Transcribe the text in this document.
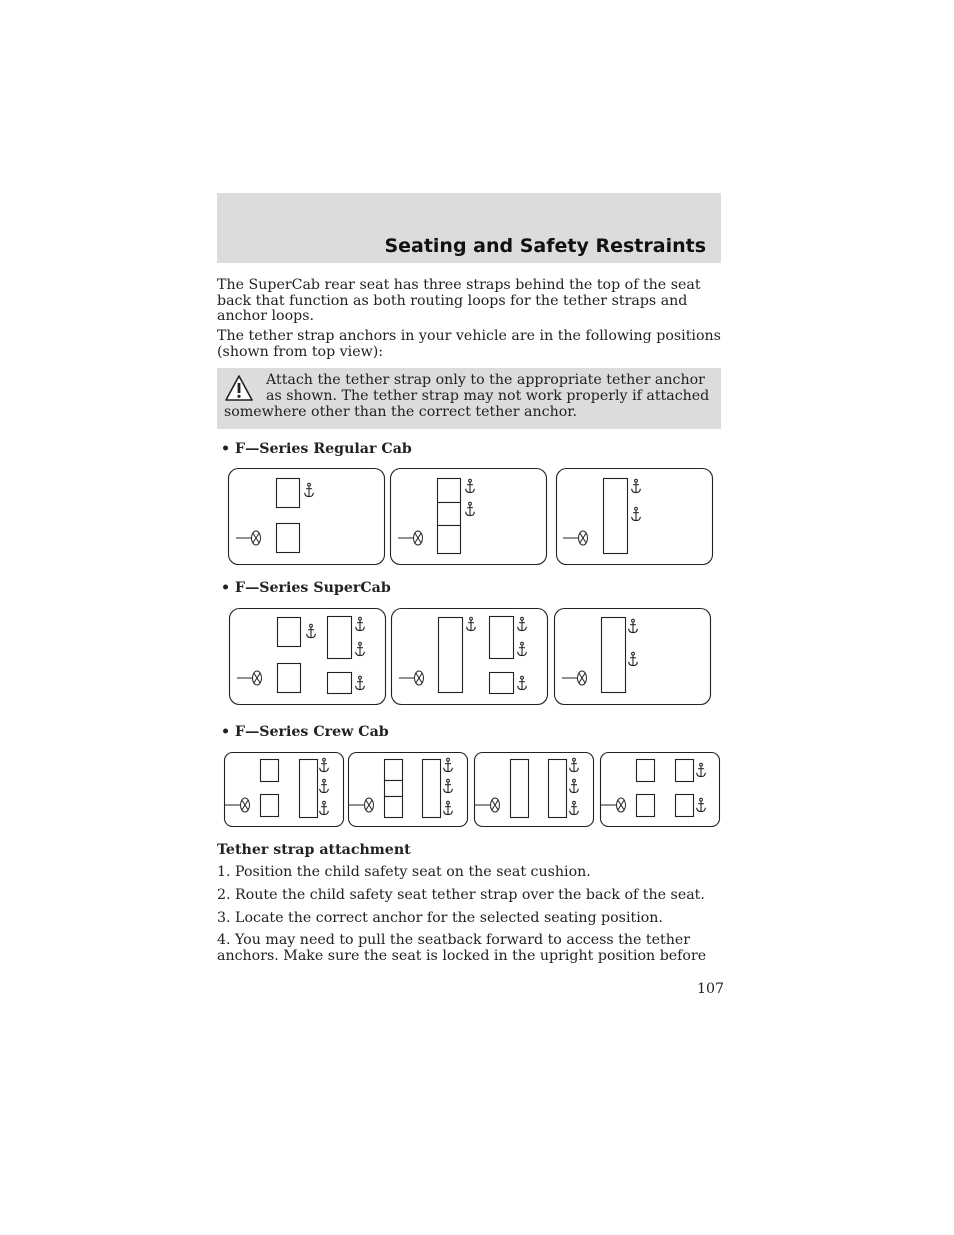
Seating and Safety Restraints
The SuperCab rear seat has three straps behind the top of the seat back that function as both routing loops for the tether straps and anchor loops.
The tether strap anchors in your vehicle are in the following positions (shown from top view):
Attach the tether strap only to the appropriate tether anchor as shown. The tether strap may not work properly if attached somewhere other than the correct tether anchor.
• F—Series Regular Cab
• F—Series SuperCab
• F—Series Crew Cab
Tether strap attachment
1. Position the child safety seat on the seat cushion.
2. Route the child safety seat tether strap over the back of the seat.
3. Locate the correct anchor for the selected seating position.
4. You may need to pull the seatback forward to access the tether anchors. Make sure the seat is locked in the upright position before
107
